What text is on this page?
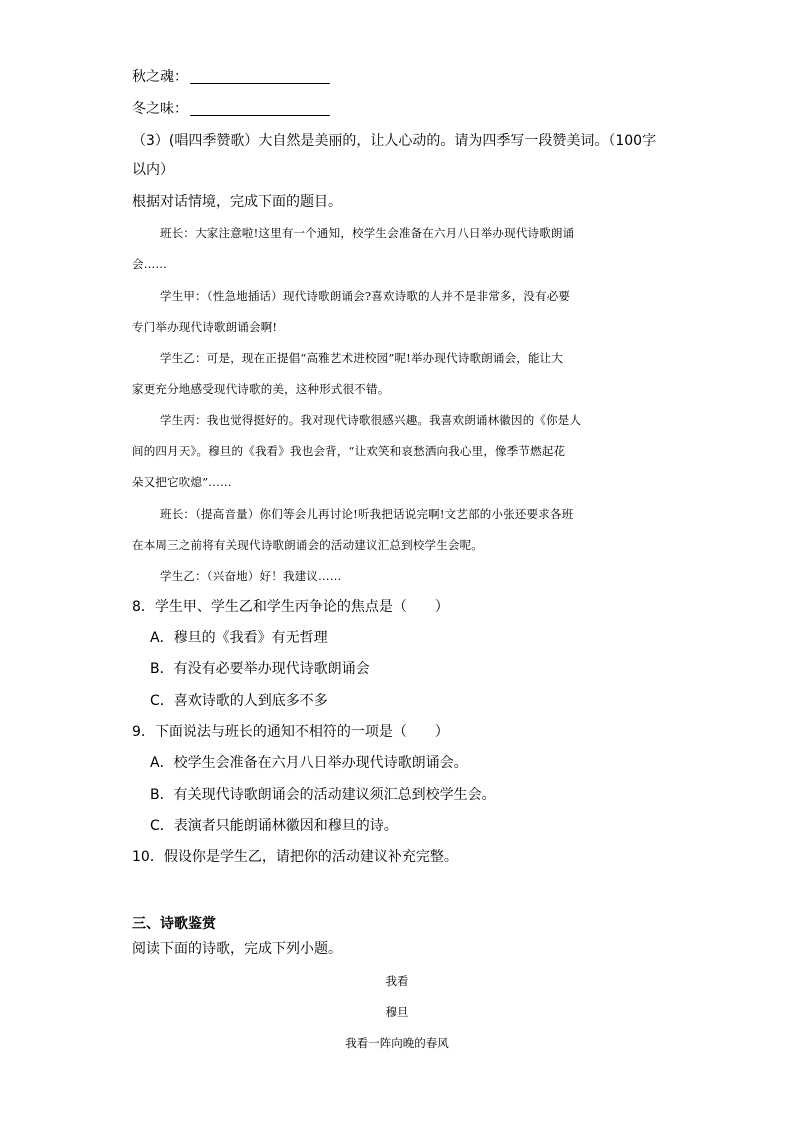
秋之魂：
冬之味：
（3）(唱四季赞歌）大自然是美丽的，让人心动的。请为四季写一段赞美词。（100字
以内）
根据对话情境，完成下面的题目。
班长：大家注意啦!这里有一个通知，校学生会准备在六月八日举办现代诗歌朗诵
会……
学生甲：（性急地插话）现代诗歌朗诵会?喜欢诗歌的人并不是非常多，没有必要
专门举办现代诗歌朗诵会啊!
学生乙：可是，现在正提倡“高雅艺术进校园”呢!举办现代诗歌朗诵会，能让大
家更充分地感受现代诗歌的美，这种形式很不错。
学生丙：我也觉得挺好的。我对现代诗歌很感兴趣。我喜欢朗诵林徽因的《你是人
间的四月天》。穆旦的《我看》我也会背，“让欢笑和哀愁洒向我心里，像季节燃起花
朵又把它吹熄”……
班长：（提高音量）你们等会儿再讨论!听我把话说完啊!文艺部的小张还要求各班
在本周三之前将有关现代诗歌朗诵会的活动建议汇总到校学生会呢。
学生乙：（兴奋地）好！我建议……
8．学生甲、学生乙和学生丙争论的焦点是（　　）
A．穆旦的《我看》有无哲理
B．有没有必要举办现代诗歌朗诵会
C．喜欢诗歌的人到底多不多
9．下面说法与班长的通知不相符的一项是（　　）
A．校学生会准备在六月八日举办现代诗歌朗诵会。
B．有关现代诗歌朗诵会的活动建议须汇总到校学生会。
C．表演者只能朗诵林徽因和穆旦的诗。
10．假设你是学生乙，请把你的活动建议补充完整。
三、诗歌鉴赏
阅读下面的诗歌，完成下列小题。
我看
穆旦
我看一阵向晚的春风
